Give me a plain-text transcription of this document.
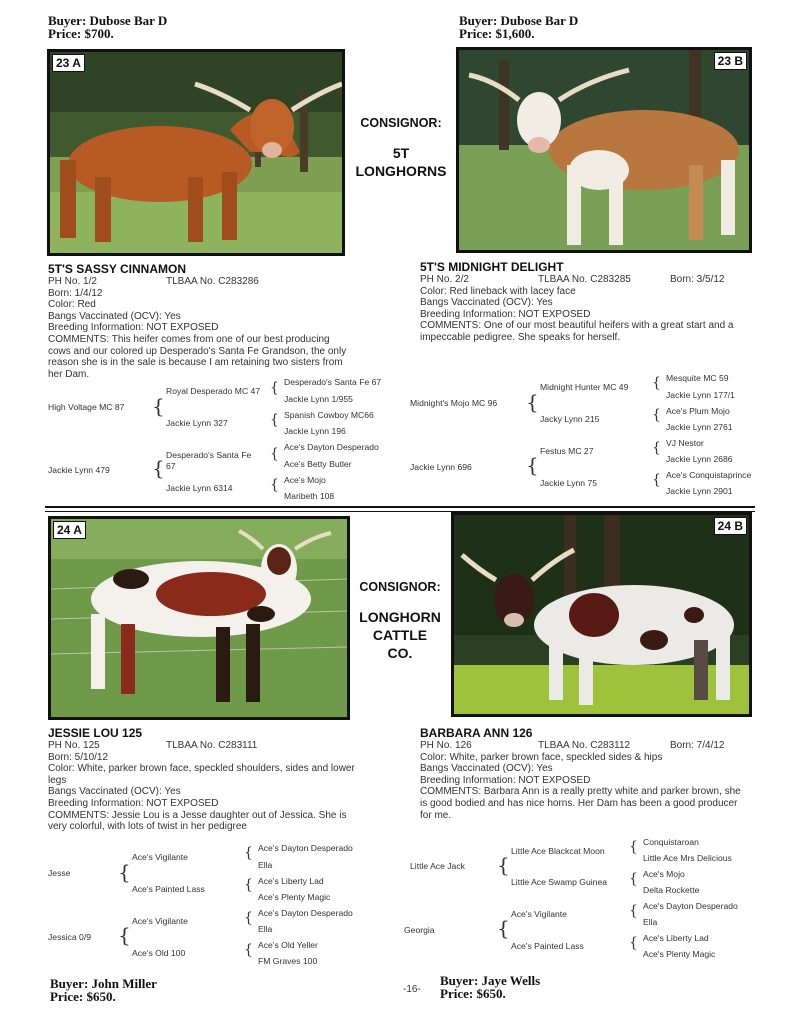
Buyer: Dubose Bar D
Price: $700.
Buyer: Dubose Bar D
Price: $1,600.
23 A
CONSIGNOR:
5T
LONGHORNS
23 B
5T'S SASSY CINNAMON
PH No. 1/2	TLBAA No. C283286Born: 1/4/12
Color: Red
Bangs Vaccinated (OCV): Yes
Breeding Information: NOT EXPOSED
COMMENTS: This heifer comes from one of our best producing cows and our colored up Desperado's Santa Fe Grandson, the only reason she is in the sale is because I am retaining two sisters from her Dam.
5T'S MIDNIGHT DELIGHT
PH No. 2/2	TLBAA No. C283285	Born: 3/5/12
Color: Red lineback with lacey face
Bangs Vaccinated (OCV): Yes
Breeding Information: NOT EXPOSED
COMMENTS: One of our most beautiful heifers with a great start and a impeccable pedigree. She speaks for herself.
High Voltage MC 87
Jackie Lynn 479
{
{
Royal Desperado MC 47
Jackie Lynn 327
Desperado's Santa Fe 67
Jackie Lynn 6314
{
{
{
{
Desperado's Santa Fe 67
Jackie Lynn 1/955
Spanish Cowboy MC66
Jackie Lynn 196
Ace's Dayton Desperado
Ace's Betty Butler
Ace's Mojo
Maribeth 108
Midnight's Mojo MC 96
Jackie Lynn 696
{
{
Midnight Hunter MC 49
Jacky Lynn 215
Festus MC 27
Jackie Lynn 75
{
{
{
{
Mesquite MC 59
Jackie Lynn 177/1
Ace's Plum Mojo
Jackie Lynn 2761
VJ Nestor
Jackie Lynn 2686
Ace's Conquistaprince
Jackie Lynn 2901
24 A
CONSIGNOR:
LONGHORN
CATTLE
CO.
24 B
JESSIE LOU 125
PH No. 125	TLBAA No. C283111Born: 5/10/12
Color: White, parker brown face, speckled shoulders, sides and lower legs
Bangs Vaccinated (OCV): Yes
Breeding Information: NOT EXPOSED
COMMENTS: Jessie Lou is a Jesse daughter out of Jessica. She is very colorful, with lots of twist in her pedigree
BARBARA ANN 126
PH No. 126	TLBAA No. C283112	Born: 7/4/12
Color: White, parker brown face, speckled sides & hips
Bangs Vaccinated (OCV): Yes
Breeding Information: NOT EXPOSED
COMMENTS: Barbara Ann is a really pretty white and parker brown, she is good bodied and has nice horns. Her Dam has been a good producer for me.
Jesse
Jessica 0/9
{
{
Ace's Vigilante
Ace's Painted Lass
Ace's Vigilante
Ace's Old 100
{
{
{
{
Ace's Dayton Desperado
Ella
Ace's Liberty Lad
Ace's Plenty Magic
Ace's Dayton Desperado
Ella
Ace's Old Yeller
FM Graves 100
Little Ace Jack
Georgia
{
{
Little Ace Blackcat Moon
Little Ace Swamp Guinea
Ace's Vigilante
Ace's Painted Lass
{
{
{
{
Conquistaroan
Little Ace Mrs Delicious
Ace's Mojo
Delta Rockette
Ace's Dayton Desperado
Ella
Ace's Liberty Lad
Ace's Plenty Magic
Buyer: John Miller
Price: $650.	-16-
Buyer: Jaye Wells
Price: $650.
